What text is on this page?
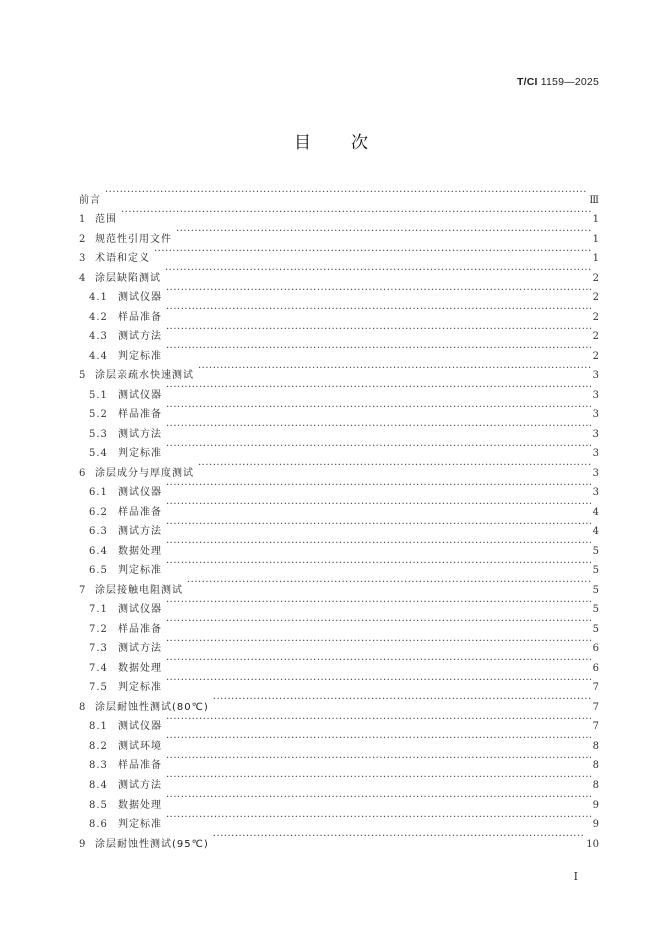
T/CI 1159—2025
目次
前言 ·····	Ⅲ
1 范围 ·····	1
2 规范性引用文件 ·····	1
3 术语和定义 ·····	1
4 涂层缺陷测试 ·····	2
4.1	测试仪器 ·····	2
4.2	样品准备 ·····	2
4.3	测试方法 ·····	2
4.4	判定标准 ·····	2
5 涂层亲疏水快速测试 ·····	3
5.1	测试仪器 ·····	3
5.2	样品准备 ·····	3
5.3	测试方法 ·····	3
5.4	判定标准 ·····	3
6 涂层成分与厚度测试 ·····	3
6.1	测试仪器 ·····	3
6.2	样品准备 ·····	4
6.3	测试方法 ·····	4
6.4	数据处理 ·····	5
6.5	判定标准 ·····	5
7 涂层接触电阻测试 ·····	5
7.1	测试仪器 ·····	5
7.2	样品准备 ·····	5
7.3	测试方法 ·····	6
7.4	数据处理 ·····	6
7.5	判定标准 ·····	7
8 涂层耐蚀性测试(80℃) ·····	7
8.1	测试仪器 ·····	7
8.2	测试环境 ·····	8
8.3	样品准备 ·····	8
8.4	测试方法 ·····	8
8.5	数据处理 ·····	9
8.6	判定标准 ·····	9
9 涂层耐蚀性测试(95℃) ·····	10
Ⅰ
